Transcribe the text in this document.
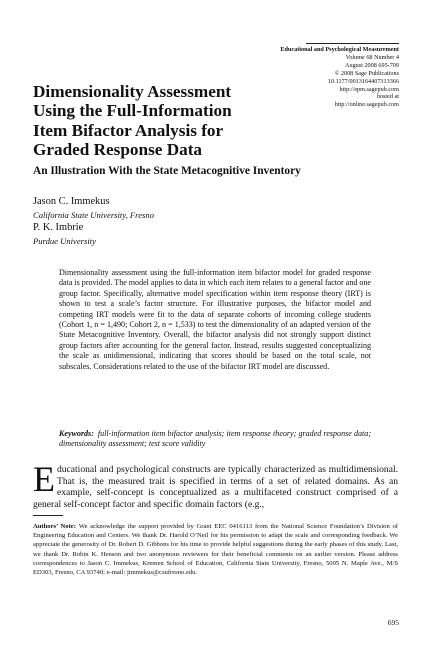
Educational and Psychological Measurement
Volume 68 Number 4
August 2008 695-709
© 2008 Sage Publications
10.1177/0013164407313366
http://epm.sagepub.com
hosted at
http://online.sagepub.com
Dimensionality Assessment
Using the Full-Information
Item Bifactor Analysis for
Graded Response Data
An Illustration With the State Metacognitive Inventory

Jason C. Immekus

California State University, Fresno

P. K. Imbrie

Purdue University

Dimensionality assessment using the full-information item bifactor model for graded response data is provided. The model applies to data in which each item relates to a general factor and one group factor. Specifically, alternative model specification within item response theory (IRT) is shown to test a scale’s factor structure. For illustrative purposes, the bifactor model and competing IRT models were fit to the data of separate cohorts of incoming college students (Cohort 1, n = 1,490; Cohort 2, n = 1,533) to test the dimensionality of an adapted version of the State Metacognitive Inventory. Overall, the bifactor analysis did not strongly support distinct group factors after accounting for the general factor. Instead, results suggested conceptualizing the scale as unidimensional, indicating that scores should be based on the total scale, not subscales. Considerations related to the use of the bifactor IRT model are discussed.

Keywords: full-information item bifactor analysis; item response theory; graded response data; dimensionality assessment; test score validity

Educational and psychological constructs are typically characterized as multidimensional. That is, the measured trait is specified in terms of a set of related domains. As an example, self-concept is conceptualized as a multifaceted construct comprised of a general self-concept factor and specific domain factors (e.g.,

Authors’ Note: We acknowledge the support provided by Grant EEC 0416113 from the National Science Foundation’s Division of Engineering Education and Centers. We thank Dr. Harold O’Neil for his permission to adapt the scale and corresponding feedback. We appreciate the generosity of Dr. Robert D. Gibbons for his time to provide helpful suggestions during the early phases of this study. Last, we thank Dr. Robin K. Henson and two anonymous reviewers for their beneficial comments on an earlier version. Please address correspondences to Jason C. Immekus, Kremen School of Education, California State University, Fresno, 5005 N. Maple Ave., M/S ED303, Fresno, CA 93740; e-mail: jimmekus@csufresno.edu.

695
